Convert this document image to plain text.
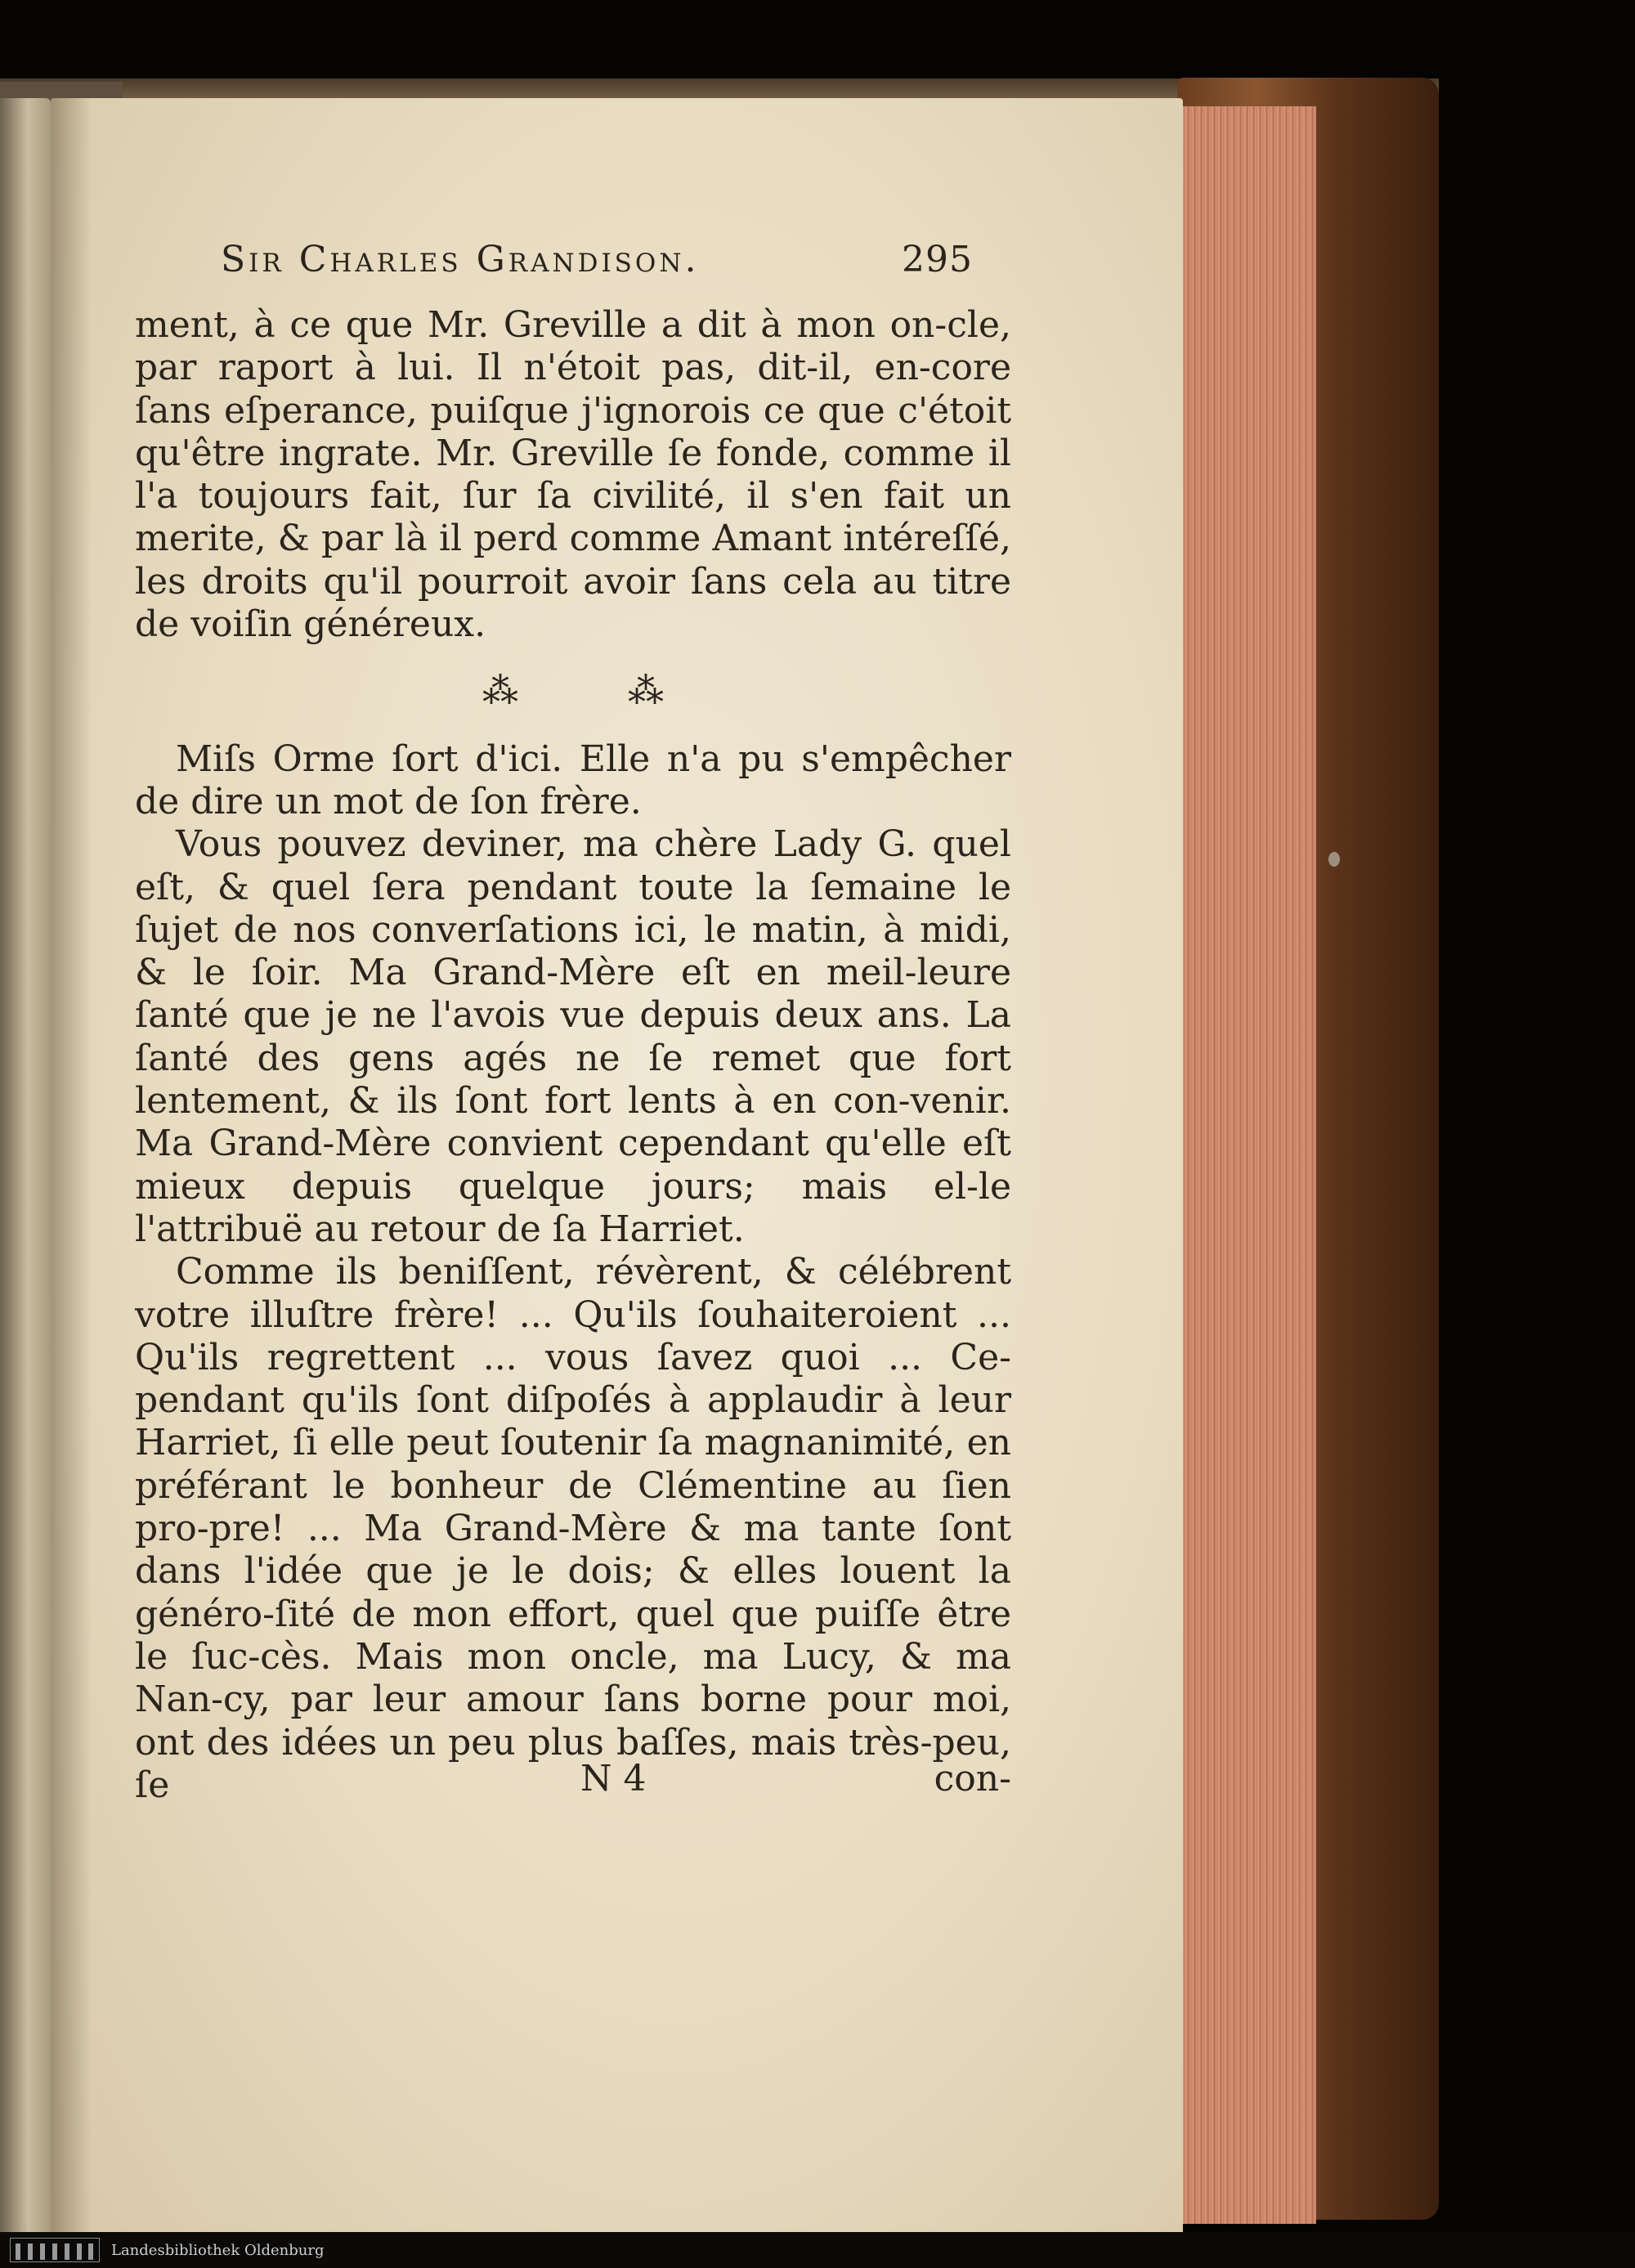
Sir Charles Grandison.	295

ment, à ce que Mr. Greville a dit à mon on-cle, par raport à lui. Il n'étoit pas, dit-il, en-core ſans eſperance, puiſque j'ignorois ce que c'étoit qu'être ingrate. Mr. Greville ſe fonde, comme il l'a toujours fait, ſur ſa civilité, il s'en fait un merite, & par là il perd comme Amant intéreſſé, les droits qu'il pourroit avoir ſans cela au titre de voiſin généreux.

⁂ ⁂

Miſs Orme ſort d'ici. Elle n'a pu s'empêcher de dire un mot de ſon frère.

Vous pouvez deviner, ma chère Lady G. quel eſt, & quel ſera pendant toute la ſemaine le ſujet de nos converſations ici, le matin, à midi, & le ſoir. Ma Grand-Mère eſt en meil-leure ſanté que je ne l'avois vue depuis deux ans. La ſanté des gens agés ne ſe remet que fort lentement, & ils ſont fort lents à en con-venir. Ma Grand-Mère convient cependant qu'elle eſt mieux depuis quelque jours; mais el-le l'attribuë au retour de ſa Harriet.

Comme ils beniſſent, révèrent, & célébrent votre illuſtre frère! ... Qu'ils ſouhaiteroient ... Qu'ils regrettent ... vous ſavez quoi ... Ce-pendant qu'ils ſont diſpoſés à applaudir à leur Harriet, ſi elle peut ſoutenir ſa magnanimité, en préférant le bonheur de Clémentine au ſien pro-pre! ... Ma Grand-Mère & ma tante ſont dans l'idée que je le dois; & elles louent la généro-ſité de mon effort, quel que puiſſe être le ſuc-cès. Mais mon oncle, ma Lucy, & ma Nan-cy, par leur amour ſans borne pour moi, ont des idées un peu plus baſſes, mais très-peu, ſe	N 4	con-
Landesbibliothek Oldenburg
